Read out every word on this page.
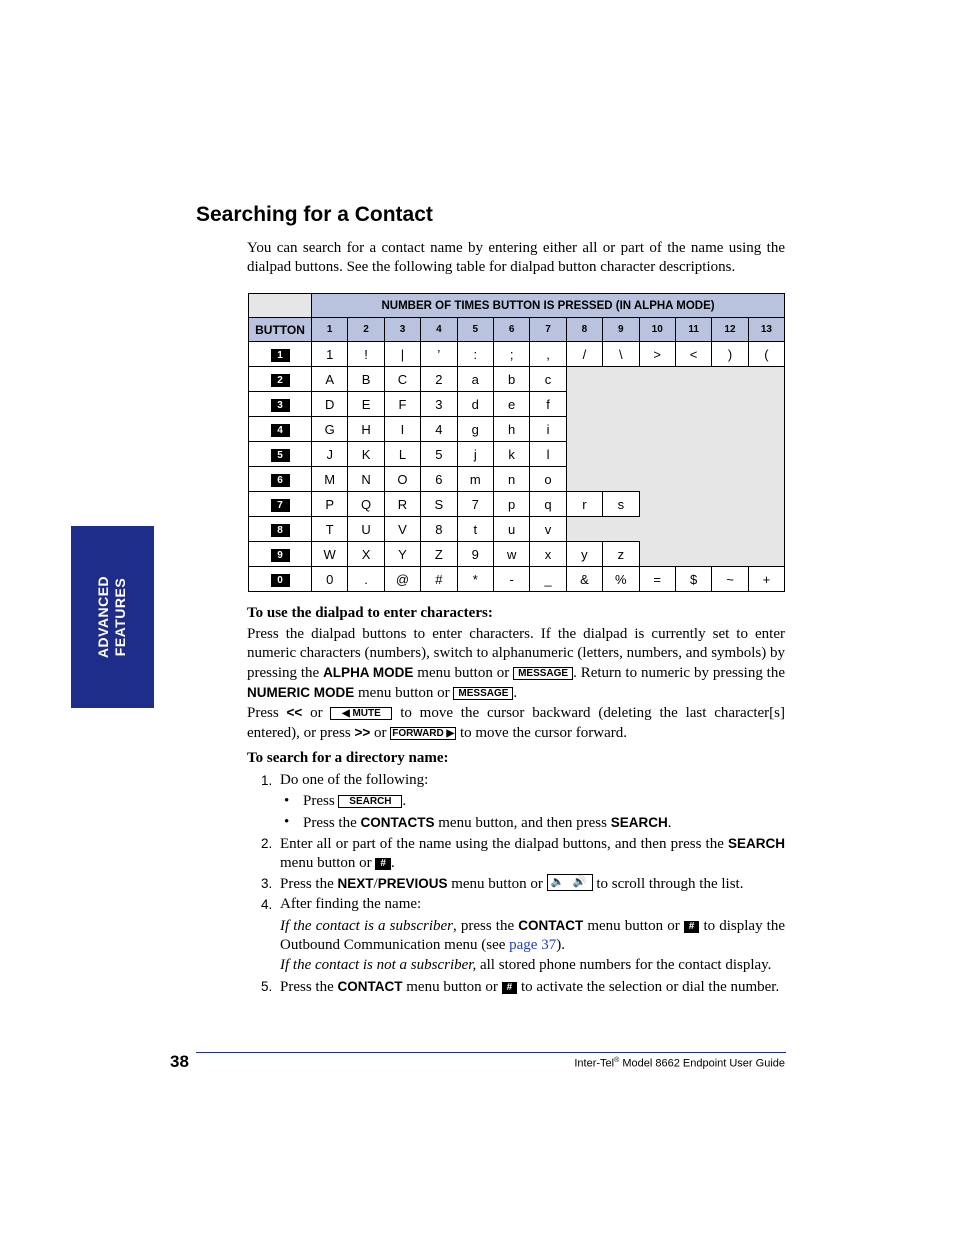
ADVANCED
FEATURES
Searching for a Contact
You can search for a contact name by entering either all or part of the name using the dialpad buttons. See the following table for dialpad button character descriptions.
	NUMBER OF TIMES BUTTON IS PRESSED (IN ALPHA MODE)												
BUTTON	1	2	3	4	5	6	7	8	9	10	11	12	13
1	1	!	|	’	:	;	,	/	\	>	<	)	(
2	A	B	C	2	a	b	c						
3	D	E	F	3	d	e	f						
4	G	H	I	4	g	h	i						
5	J	K	L	5	j	k	l						
6	M	N	O	6	m	n	o						
7	P	Q	R	S	7	p	q	r	s				
8	T	U	V	8	t	u	v						
9	W	X	Y	Z	9	w	x	y	z				
0	0	.	@	#	*	-	_	&	%	=	$	~	+
To use the dialpad to enter characters:
Press the dialpad buttons to enter characters. If the dialpad is currently set to enter numeric characters (numbers), switch to alphanumeric (letters, numbers, and symbols) by pressing the ALPHA MODE menu button or MESSAGE . Return to numeric by pressing the NUMERIC MODE menu button or MESSAGE .
Press << or ◀ MUTE to move the cursor backward (deleting the last character[s] entered), or press >> or FORWARD ▶ to move the cursor forward.
To search for a directory name:
1. Do one of the following:
• Press SEARCH .
• Press the CONTACTS menu button, and then press SEARCH.
2. Enter all or part of the name using the dialpad buttons, and then press the SEARCH menu button or # .
3. Press the NEXT/PREVIOUS menu button or 🔈 🔊 to scroll through the list.
4. After finding the name:
If the contact is a subscriber, press the CONTACT menu button or # to display the Outbound Communication menu (see page 37).
If the contact is not a subscriber, all stored phone numbers for the contact display.
5. Press the CONTACT menu button or # to activate the selection or dial the number.
38	Inter-Tel® Model 8662 Endpoint User Guide
